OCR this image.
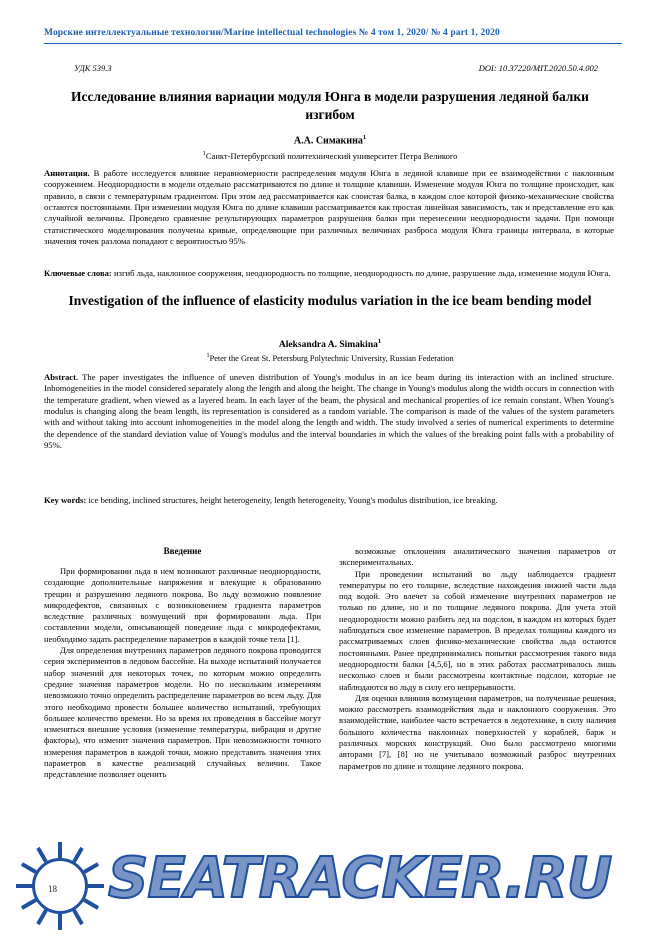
Морские интеллектуальные технологии/Marine intellectual technologies № 4 том 1, 2020/ № 4 part 1, 2020
УДК 539.3	DOI: 10.37220/MIT.2020.50.4.002
Исследование влияния вариации модуля Юнга в модели разрушения ледяной балки изгибом
А.А. Симакина$^1$
$^1$Санкт-Петербургский политехнический университет Петра Великого
Аннотация. В работе исследуется влияние неравномерности распределения модуля Юнга в ледяной клавише при ее взаимодействии с наклонным сооружением. Неоднородности в модели отдельно рассматриваются по длине и толщине клавиши. Изменение модуля Юнга по толщине происходит, как правило, в связи с температурным градиентом. При этом лед рассматривается как слоистая балка, в каждом слое которой физико-механические свойства остаются постоянными. При изменении модуля Юнга по длине клавиши рассматривается как простая линейная зависимость, так и представление его как случайной величины. Проведено сравнение результирующих параметров разрушения балки при перенесении неоднородности задачи. При помощи статистического моделирования получены кривые, определяющие при различных величинах разброса модуля Юнга границы интервала, в которые значения точек разлома попадают с вероятностью 95%
Ключевые слова: изгиб льда, наклонное сооружения, неоднородность по толщине, неоднородность по длине, разрушение льда, изменение модуля Юнга.
Investigation of the influence of elasticity modulus variation in the ice beam bending model
Aleksandra A. Simakina$^1$
$^1$Peter the Great St. Petersburg Polytechnic University, Russian Federation
Abstract. The paper investigates the influence of uneven distribution of Young's modulus in an ice beam during its interaction with an inclined structure. Inhomogeneities in the model considered separately along the length and along the height. The change in Young's modulus along the width occurs in connection with the temperature gradient, when viewed as a layered beam. In each layer of the beam, the physical and mechanical properties of ice remain constant. When Young's modulus is changing along the beam length, its representation is considered as a random variable. The comparison is made of the values of the system parameters with and without taking into account inhomogeneities in the model along the length and width. The study involved a series of numerical experiments to determine the dependence of the standard deviation value of Young's modulus and the interval boundaries in which the values of the breaking point falls with a probability of 95%.
Key words: ice bending, inclined structures, height heterogeneity, length heterogeneity, Young's modulus distribution, ice breaking.
Введение

При формировании льда в нем возникают различные неоднородности, создающие дополнительные напряжения и влекущие к образованию трещин и разрушению ледяного покрова. Во льду возможно появление микродефектов, связанных с возникновением градиента параметров вследствие различных возмущений при формировании льда. При составлении модели, описывающей поведение льда с микродефектами, необходимо задать распределение параметров в каждой точке тела [1].

Для определения внутренних параметров ледяного покрова проводится серия экспериментов в ледовом бассейне. На выходе испытаний получается набор значений для некоторых точек, по которым можно определить средние значения параметров модели. Но по нескольким измерениям невозможно точно определить распределение параметров во всем льду. Для этого необходимо провести большее количество испытаний, требующих большее количество времени. Но за время их проведения в бассейне могут изменяться внешние условия (изменение температуры, вибрация и другие факторы), что изменит значения параметров. При невозможности точного измерения параметров в каждой точки, можно представить значения этих параметров в качестве реализаций случайных величин. Такое представление позволяет оценить

возможные отклонения аналитического значения параметров от экспериментальных.

При проведении испытаний во льду наблюдается градиент температуры по его толщине, вследствие нахождения нижней части льда под водой. Это влечет за собой изменение внутренних параметров не только по длине, но и по толщине ледяного покрова. Для учета этой неоднородности можно разбить лед на подслои, в каждом из которых будет наблюдаться свое изменение параметров. В пределах толщины каждого из рассматриваемых слоев физико-механические свойства льда остаются постоянными. Ранее предпринимались попытки рассмотрения такого вида неоднородности балки [4,5,6], но в этих работах рассматривалось лишь несколько слоев и были рассмотрены контактные подслои, которые не наблюдаются во льду в силу его непрерывности.

Для оценки влияния возмущения параметров, на полученные решения, можно рассмотреть взаимодействия льда и наклонного сооружения. Это взаимодействие, наиболее часто встречается в ледотехнике, в силу наличия большого количества наклонных поверхностей у кораблей, барж и различных морских конструкций. Оно было рассмотрено многими авторами [7], [8] но не учитывало возможный разброс внутренних параметров по длине и толщине ледяного покрова.

18 SEATRACKER.RU
